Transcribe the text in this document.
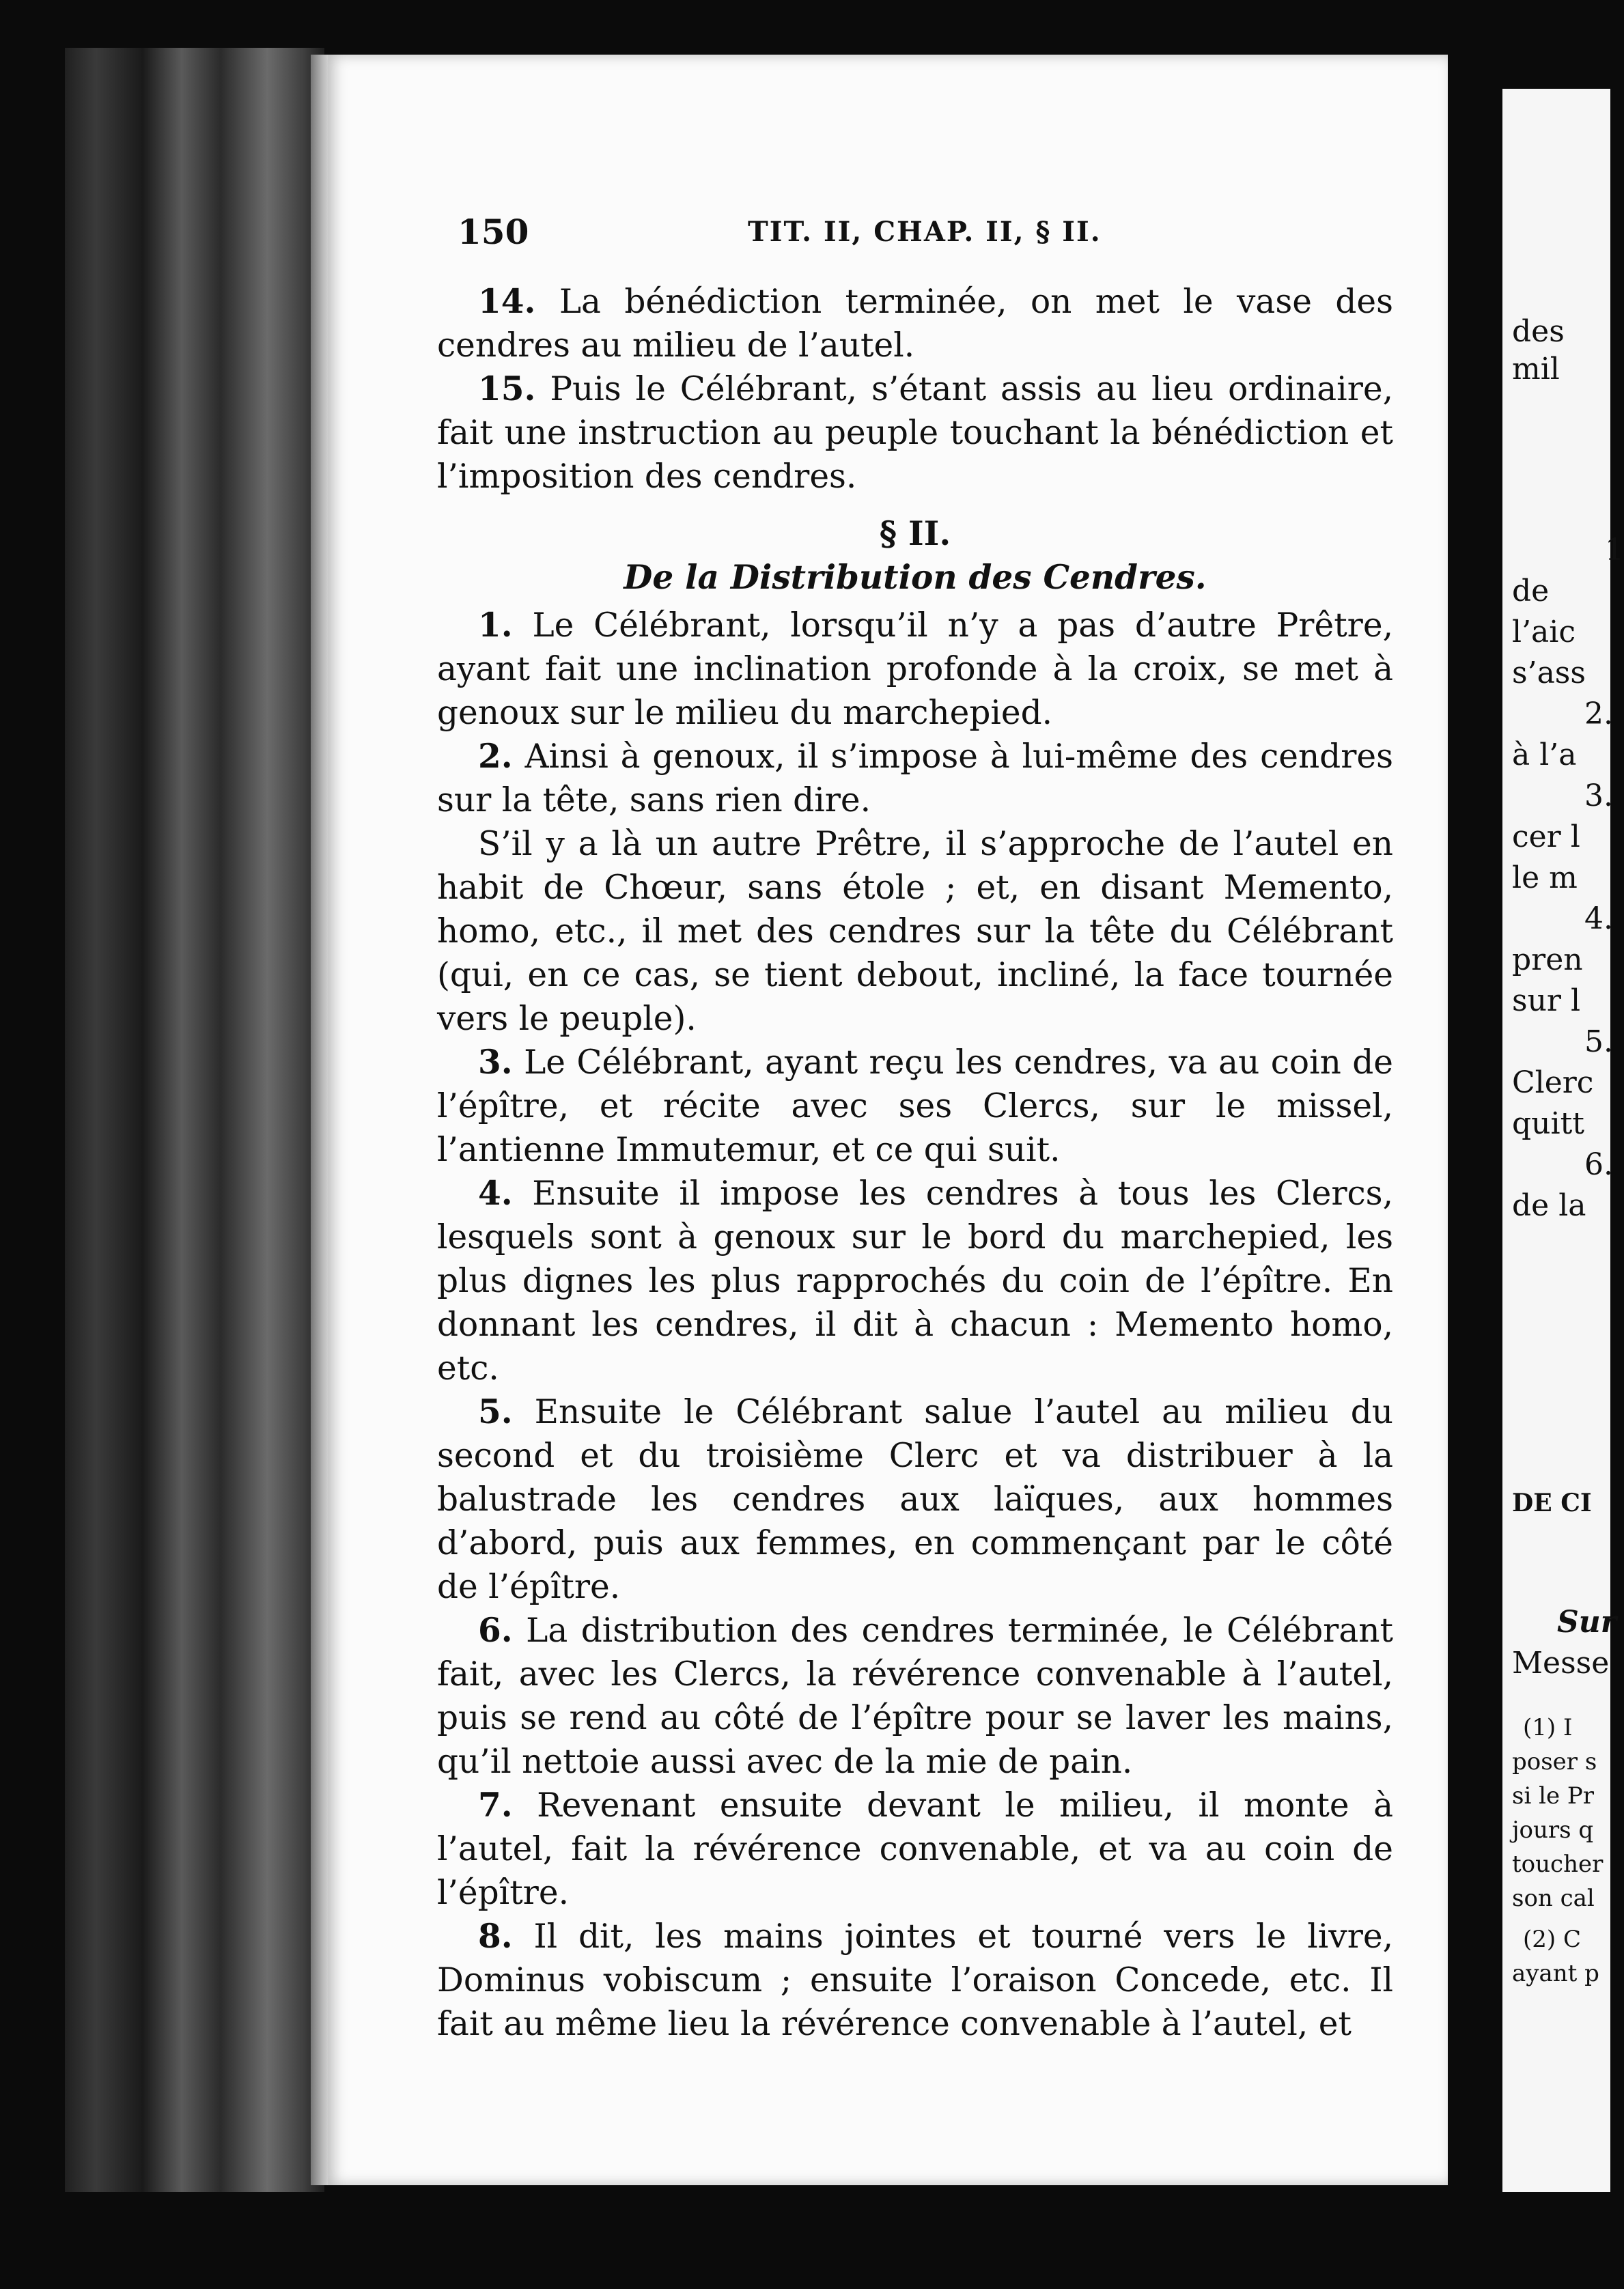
150	TIT. II, CHAP. II, § II.

14. La bénédiction terminée, on met le vase des cendres au milieu de l’autel.

15. Puis le Célébrant, s’étant assis au lieu ordinaire, fait une instruction au peuple touchant la bénédiction et l’imposition des cendres.

§ II.

De la Distribution des Cendres.

1. Le Célébrant, lorsqu’il n’y a pas d’autre Prêtre, ayant fait une inclination profonde à la croix, se met à genoux sur le milieu du marchepied.

2. Ainsi à genoux, il s’impose à lui-même des cendres sur la tête, sans rien dire.

S’il y a là un autre Prêtre, il s’approche de l’autel en habit de Chœur, sans étole ; et, en disant Memento, homo, etc., il met des cendres sur la tête du Célébrant (qui, en ce cas, se tient debout, incliné, la face tournée vers le peuple).

3. Le Célébrant, ayant reçu les cendres, va au coin de l’épître, et récite avec ses Clercs, sur le missel, l’antienne Immutemur, et ce qui suit.

4. Ensuite il impose les cendres à tous les Clercs, lesquels sont à genoux sur le bord du marchepied, les plus dignes les plus rapprochés du coin de l’épître. En donnant les cendres, il dit à chacun : Memento homo, etc.

5. Ensuite le Célébrant salue l’autel au milieu du second et du troisième Clerc et va distribuer à la balustrade les cendres aux laïques, aux hommes d’abord, puis aux femmes, en commençant par le côté de l’épître.

6. La distribution des cendres terminée, le Célébrant fait, avec les Clercs, la révérence convenable à l’autel, puis se rend au côté de l’épître pour se laver les mains, qu’il nettoie aussi avec de la mie de pain.

7. Revenant ensuite devant le milieu, il monte à l’autel, fait la révérence convenable, et va au coin de l’épître.

8. Il dit, les mains jointes et tourné vers le livre, Dominus vobiscum ; ensuite l’oraison Concede, etc. Il fait au même lieu la révérence convenable à l’autel, et

des
mil
1
de
l’aic
s’ass
2.
à l’a
3.
cer l
le m
4.
pren
sur l
5.
Clerc
quitt
6.
de la
DE CI
Sur
Messe
(1) I
poser s
si le Pr
jours q
toucher
son cal
(2) C
ayant p
